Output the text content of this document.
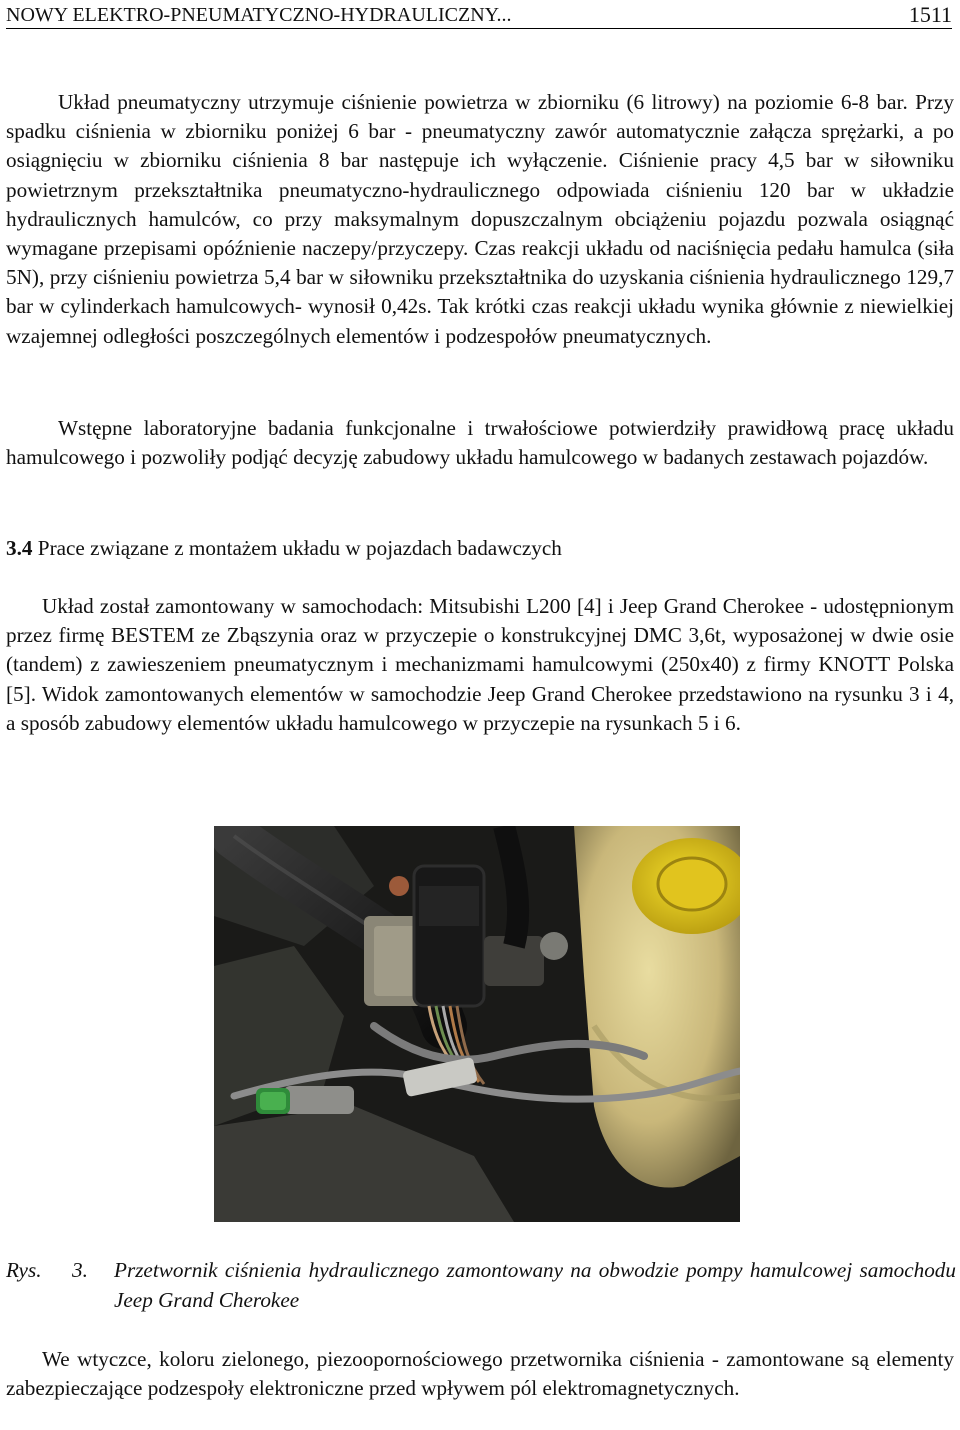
NOWY ELEKTRO-PNEUMATYCZNO-HYDRAULICZNY...	1511

Układ pneumatyczny utrzymuje ciśnienie powietrza w zbiorniku (6 litrowy) na poziomie 6-8 bar. Przy spadku ciśnienia w zbiorniku poniżej 6 bar - pneumatyczny zawór automatycznie załącza sprężarki, a po osiągnięciu w zbiorniku ciśnienia 8 bar następuje ich wyłączenie. Ciśnienie pracy 4,5 bar w siłowniku powietrznym przekształtnika pneumatyczno-hydraulicznego odpowiada ciśnieniu 120 bar w układzie hydraulicznych hamulców, co przy maksymalnym dopuszczalnym obciążeniu pojazdu pozwala osiągnąć wymagane przepisami opóźnienie naczepy/przyczepy. Czas reakcji układu od naciśnięcia pedału hamulca (siła 5N), przy ciśnieniu powietrza 5,4 bar w siłowniku przekształtnika do uzyskania ciśnienia hydraulicznego 129,7 bar w cylinderkach hamulcowych- wynosił 0,42s. Tak krótki czas reakcji układu wynika głównie z niewielkiej wzajemnej odległości poszczególnych elementów i podzespołów pneumatycznych.

Wstępne laboratoryjne badania funkcjonalne i trwałościowe potwierdziły prawidłową pracę układu hamulcowego i pozwoliły podjąć decyzję zabudowy układu hamulcowego w badanych zestawach pojazdów.

3.4 Prace związane z montażem układu w pojazdach badawczych

Układ został zamontowany w samochodach: Mitsubishi L200 [4] i Jeep Grand Cherokee - udostępnionym przez firmę BESTEM ze Zbąszynia oraz w przyczepie o konstrukcyjnej DMC 3,6t, wyposażonej w dwie osie (tandem) z zawieszeniem pneumatycznym i mechanizmami hamulcowymi (250x40) z firmy KNOTT Polska [5]. Widok zamontowanych elementów w samochodzie Jeep Grand Cherokee przedstawiono na rysunku 3 i 4, a sposób zabudowy elementów układu hamulcowego w przyczepie na rysunkach 5 i 6.

Rys. 3. Przetwornik ciśnienia hydraulicznego zamontowany na obwodzie pompy hamulcowej samochodu Jeep Grand Cherokee

We wtyczce, koloru zielonego, piezoopornościowego przetwornika ciśnienia - zamontowane są elementy zabezpieczające podzespoły elektroniczne przed wpływem pól elektromagnetycznych.
